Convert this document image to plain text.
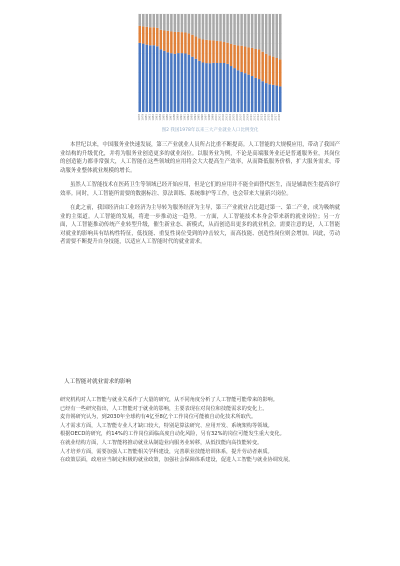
1978 1979 1980 1981 1982 1983 1984 1985 1986 1987 1988 1989 1990 1991 1992 1993 1994 1995 1996 1997 1998 1999 2000 2001 2002 2003 2004 2005 2006 2007 2008 2009 2010 2011 2012 2013 2014 2015 2016 2017 2018
图2 我国1978年以来三大产业就业人口比例变化

本世纪以来，中国服务业快速发展，第三产业就业人员所占比重不断提高。人工智能的大规模应用，带动了我国产业结构的升级优化，并将为服务业创造更多的就业岗位。以服务业为例，不论是高端服务业还是普通服务业，其岗位的创造能力都非常强大，人工智能在这些领域的应用将会大大提高生产效率，从而降低服务价格，扩大服务需求，带动服务业整体就业规模的增长。

虽然人工智能技术在医药卫生等领域已经开始应用，但是它们的应用并不能全面替代医生，而是辅助医生提高诊疗效率。同时，人工智能所需要的数据标注、算法训练、系统维护等工作，也会带来大量新兴岗位。

在此之前，我国经济由工业经济为主导转为服务经济为主导，第三产业就业占比超过第一、第二产业，成为吸纳就业的主渠道。人工智能的发展，将进一步推动这一趋势。一方面，人工智能技术本身会带来新的就业岗位；另一方面，人工智能推动传统产业转型升级，催生新业态、新模式，从而创造出更多的就业机会。需要注意的是，人工智能对就业的影响具有结构性特征，低技能、重复性岗位受到的冲击较大，而高技能、创造性岗位则会增加。因此，劳动者需要不断提升自身技能，以适应人工智能时代的就业需求。

人工智能对就业需求的影响

研究机构对人工智能与就业关系作了大量的研究，从不同角度分析了人工智能可能带来的影响。

已经有一些研究指出，人工智能对于就业的影响，主要表现在对岗位和技能需求的变化上。

麦肯锡研究认为，到2030年全球约有4亿至8亿个工作岗位可能被自动化技术所取代。

人才需求方面，人工智能专业人才缺口较大，特别是算法研究、应用开发、系统架构等领域。

根据OECD的研究，约14%的工作岗位面临高度自动化风险，另有32%的岗位可能发生重大变化。

在就业结构方面，人工智能将推动就业从制造业向服务业转移，从低技能向高技能转变。

人才培养方面，需要加强人工智能相关学科建设，完善职业技能培训体系，提升劳动者素质。

在政策层面，政府应当制定积极的就业政策，加强社会保障体系建设，促进人工智能与就业协调发展。
